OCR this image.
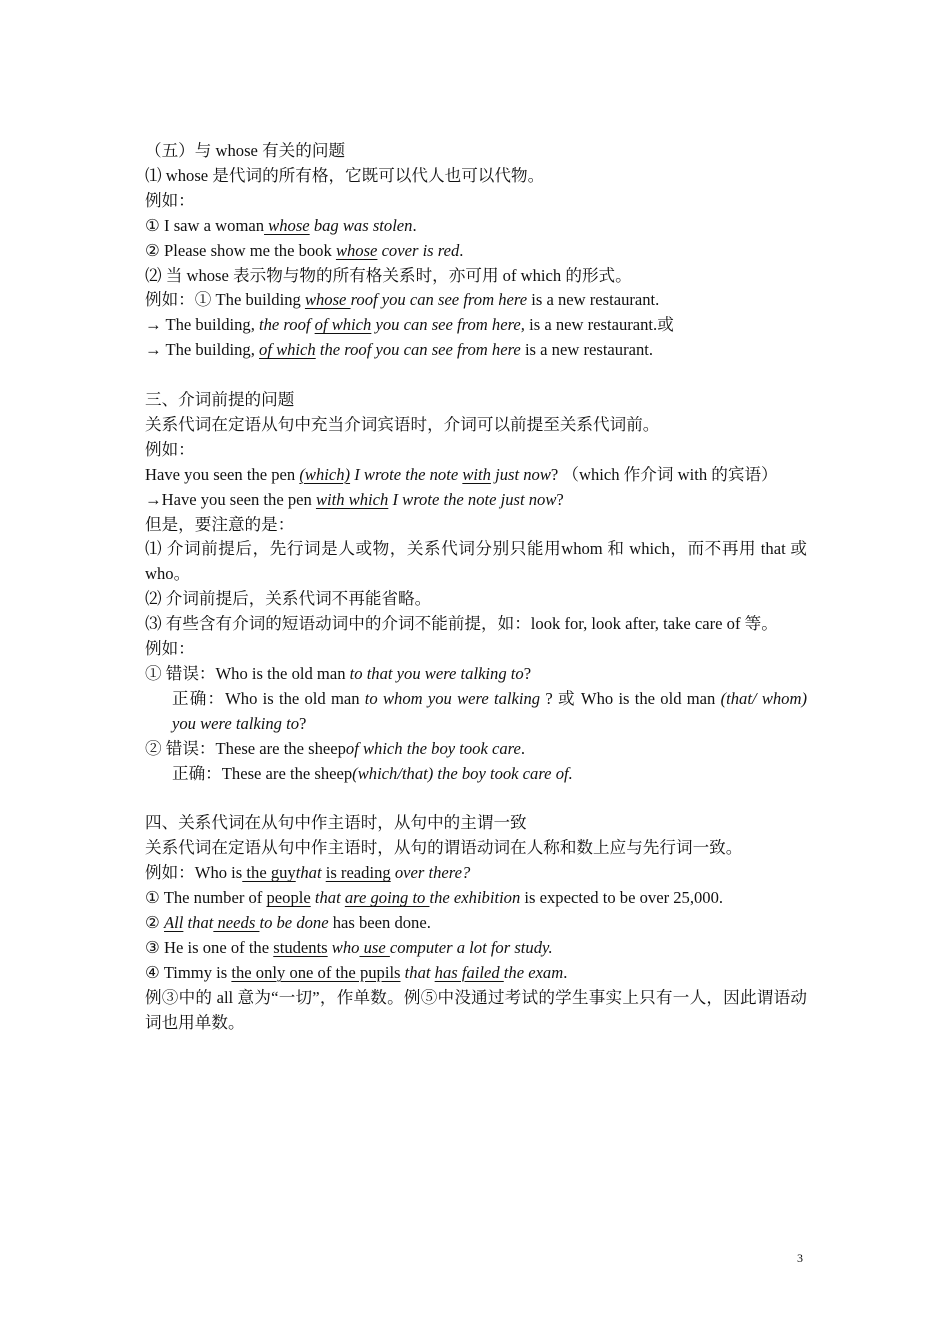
（五）与 whose 有关的问题
⑴ whose 是代词的所有格，它既可以代人也可以代物。
例如：
① I saw a woman whose bag was stolen.
② Please show me the book whose cover is red.
⑵ 当 whose 表示物与物的所有格关系时，亦可用 of which 的形式。
例如：① The building whose roof you can see from here is a new restaurant.
→ The building, the roof of which you can see from here, is a new restaurant.或
→ The building, of which the roof you can see from here is a new restaurant.
三、介词前提的问题
关系代词在定语从句中充当介词宾语时，介词可以前提至关系代词前。
例如：
Have you seen the pen (which) I wrote the note with just now? （which 作介词 with 的宾语）
→Have you seen the pen with which I wrote the note just now?
但是，要注意的是：
⑴ 介词前提后，先行词是人或物，关系代词分别只能用whom 和 which，而不再用 that 或 who。
⑵ 介词前提后，关系代词不再能省略。
⑶ 有些含有介词的短语动词中的介词不能前提，如：look for, look after, take care of 等。
例如：
① 错误：Who is the old man to that you were talking to?
正确：Who is the old man to whom you were talking ? 或 Who is the old man (that/ whom) you were talking to?
② 错误：These are the sheepof which the boy took care.
正确：These are the sheep(which/that) the boy took care of.
四、关系代词在从句中作主语时，从句中的主谓一致
关系代词在定语从句中作主语时，从句的谓语动词在人称和数上应与先行词一致。
例如：Who is the guythat is reading over there?
① The number of people that are going to the exhibition is expected to be over 25,000.
② All that needs to be done has been done.
③ He is one of the students who use computer a lot for study.
④ Timmy is the only one of the pupils that has failed the exam.
例③中的 all 意为“一切”，作单数。例⑤中没通过考试的学生事实上只有一人，因此谓语动词也用单数。
3
